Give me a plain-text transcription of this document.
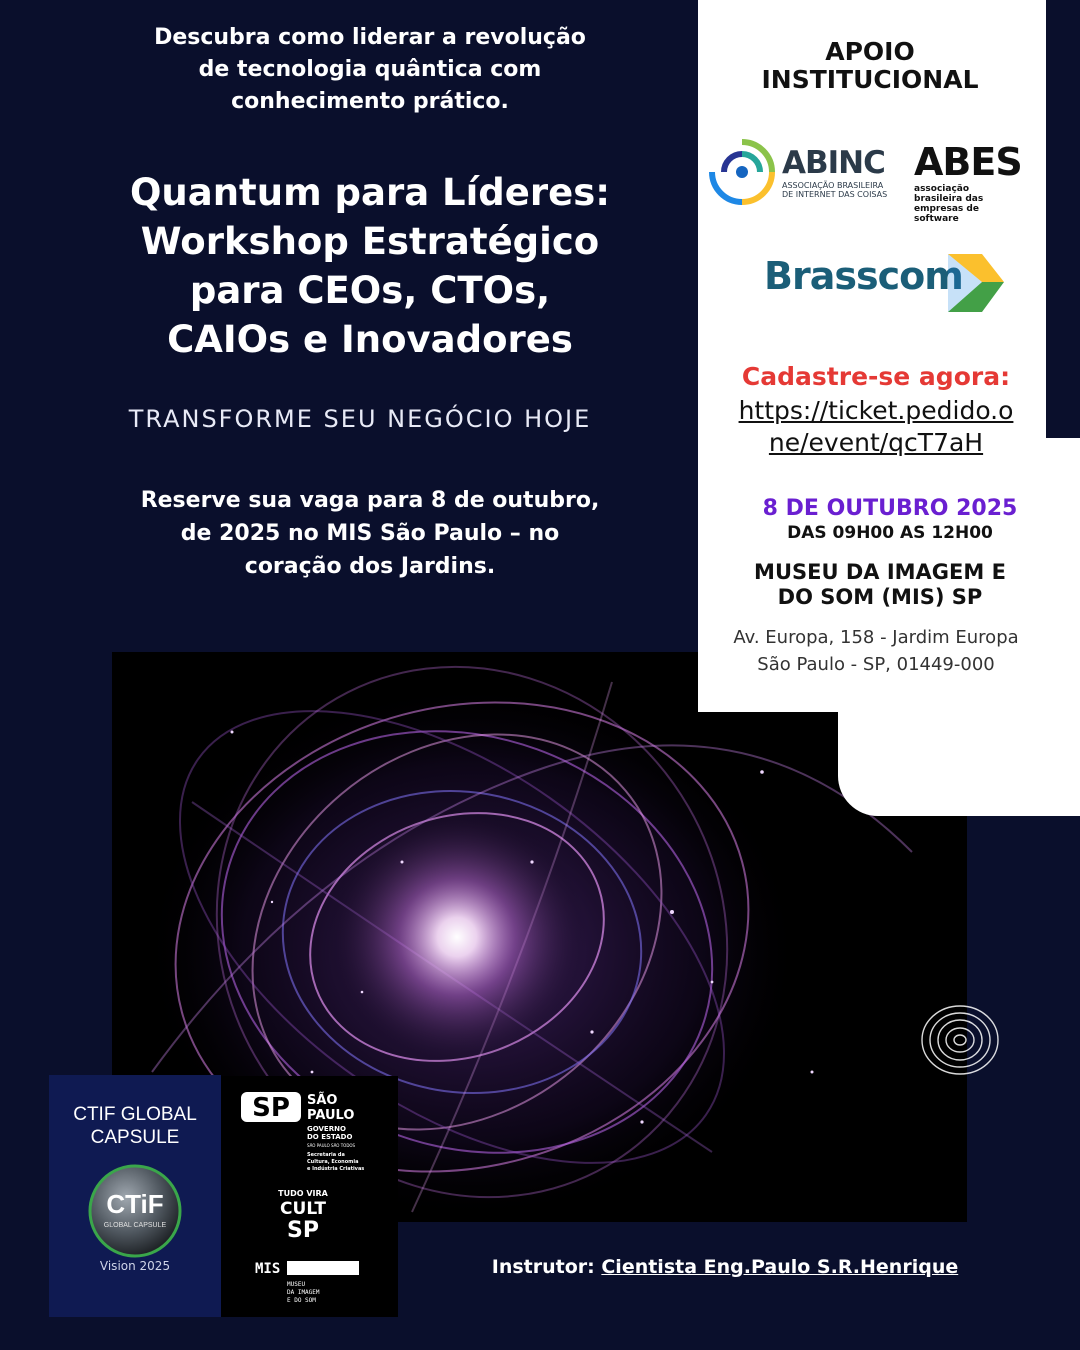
Descubra como liderar a revolução
de tecnologia quântica com
conhecimento prático.
Quantum para Líderes:
Workshop Estratégico
para CEOs, CTOs,
CAIOs e Inovadores
TRANSFORME SEU NEGÓCIO HOJE
Reserve sua vaga para 8 de outubro,
de 2025 no MIS São Paulo – no
coração dos Jardins.
APOIO
INSTITUCIONAL
ABINC
ASSOCIAÇÃO BRASILEIRA
DE INTERNET DAS COISAS
ABES
associação
brasileira das
empresas de
software
Brasscom
Cadastre-se agora:
https://ticket.pedido.o
ne/event/qcT7aH
8 DE OUTUBRO 2025
DAS 09H00 AS 12H00
MUSEU DA IMAGEM E
DO SOM (MIS) SP
Av. Europa, 158 - Jardim Europa
São Paulo - SP, 01449-000
CTIF GLOBAL
CAPSULE
CTiF
GLOBAL CAPSULE
Vision 2025
SP SÃO
PAULO
GOVERNO
DO ESTADO
SÃO PAULO SÃO TODOS
Secretaria da
Cultura, Economia
e Indústria Criativas
TUDO VIRA
CULT
SP
MIS
MUSEU
DA IMAGEM
E DO SOM
Instrutor: Cientista Eng.Paulo S.R.Henrique
